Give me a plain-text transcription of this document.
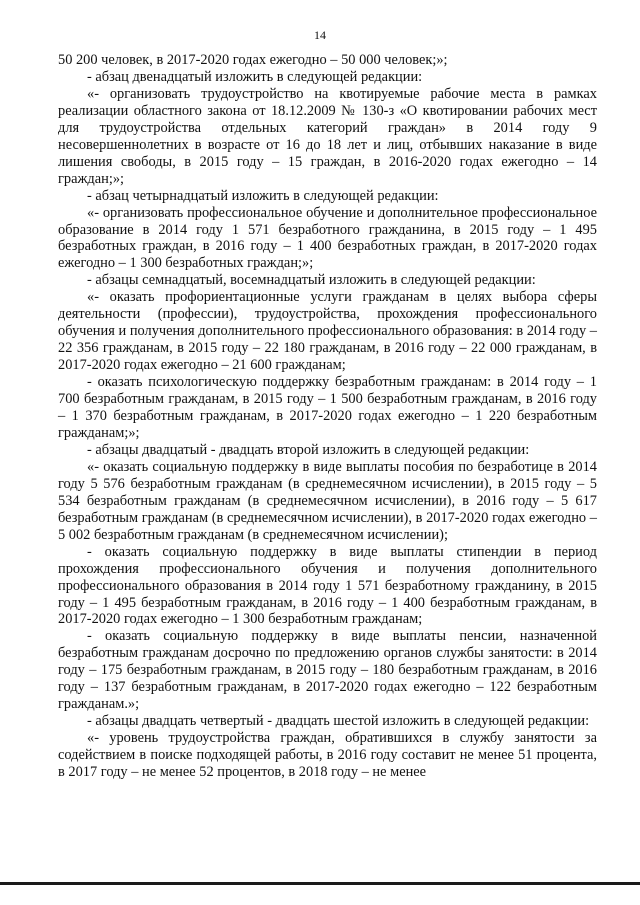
14

50 200 человек, в 2017-2020 годах ежегодно – 50 000 человек;»;

- абзац двенадцатый изложить в следующей редакции:

«- организовать трудоустройство на квотируемые рабочие места в рамках реализации областного закона от 18.12.2009 № 130-з «О квотировании рабочих мест для трудоустройства отдельных категорий граждан» в 2014 году 9 несовершеннолетних в возрасте от 16 до 18 лет и лиц, отбывших наказание в виде лишения свободы, в 2015 году – 15 граждан, в 2016-2020 годах ежегодно – 14 граждан;»;

- абзац четырнадцатый изложить в следующей редакции:

«- организовать профессиональное обучение и дополнительное профессиональное образование в 2014 году 1 571 безработного гражданина, в 2015 году – 1 495 безработных граждан, в 2016 году – 1 400 безработных граждан, в 2017-2020 годах ежегодно – 1 300 безработных граждан;»;

- абзацы семнадцатый, восемнадцатый изложить в следующей редакции:

«- оказать профориентационные услуги гражданам в целях выбора сферы деятельности (профессии), трудоустройства, прохождения профессионального обучения и получения дополнительного профессионального образования: в 2014 году – 22 356 гражданам, в 2015 году – 22 180 гражданам, в 2016 году – 22 000 гражданам, в 2017-2020 годах ежегодно – 21 600 гражданам;

- оказать психологическую поддержку безработным гражданам: в 2014 году – 1 700 безработным гражданам, в 2015 году – 1 500 безработным гражданам, в 2016 году – 1 370 безработным гражданам, в 2017-2020 годах ежегодно – 1 220 безработным гражданам;»;

- абзацы двадцатый - двадцать второй изложить в следующей редакции:

«- оказать социальную поддержку в виде выплаты пособия по безработице в 2014 году 5 576 безработным гражданам (в среднемесячном исчислении), в 2015 году – 5 534 безработным гражданам (в среднемесячном исчислении), в 2016 году – 5 617 безработным гражданам (в среднемесячном исчислении), в 2017-2020 годах ежегодно – 5 002 безработным гражданам (в среднемесячном исчислении);

- оказать социальную поддержку в виде выплаты стипендии в период прохождения профессионального обучения и получения дополнительного профессионального образования в 2014 году 1 571 безработному гражданину, в 2015 году – 1 495 безработным гражданам, в 2016 году – 1 400 безработным гражданам, в 2017-2020 годах ежегодно – 1 300 безработным гражданам;

- оказать социальную поддержку в виде выплаты пенсии, назначенной безработным гражданам досрочно по предложению органов службы занятости: в 2014 году – 175 безработным гражданам, в 2015 году – 180 безработным гражданам, в 2016 году – 137 безработным гражданам, в 2017-2020 годах ежегодно – 122 безработным гражданам.»;

- абзацы двадцать четвертый - двадцать шестой изложить в следующей редакции:

«- уровень трудоустройства граждан, обратившихся в службу занятости за содействием в поиске подходящей работы, в 2016 году составит не менее 51 процента, в 2017 году – не менее 52 процентов, в 2018 году – не менее
